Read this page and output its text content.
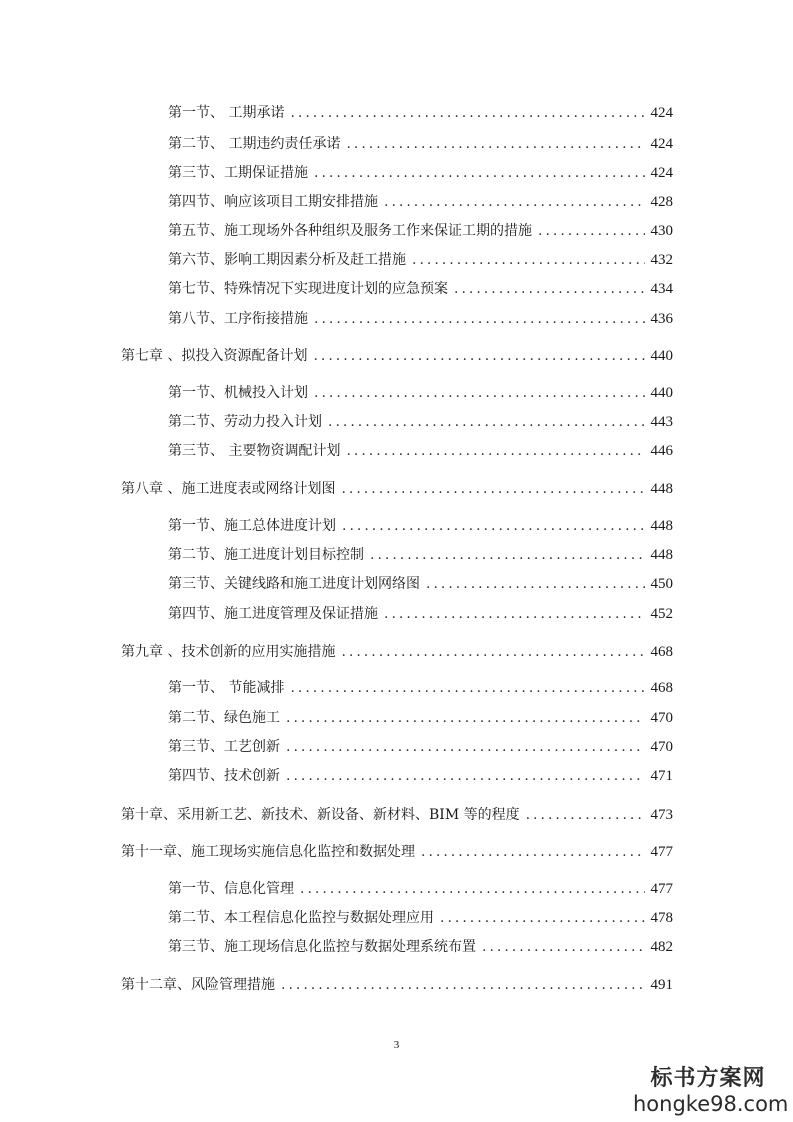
第一节、 工期承诺 .....	424
第二节、 工期违约责任承诺 .....	424
第三节、工期保证措施 .....	424
第四节、响应该项目工期安排措施 .....	428
第五节、施工现场外各种组织及服务工作来保证工期的措施 .....	430
第六节、影响工期因素分析及赶工措施 .....	432
第七节、特殊情况下实现进度计划的应急预案 .....	434
第八节、工序衔接措施 .....	436
第七章 、拟投入资源配备计划 .....	440
第一节、机械投入计划 .....	440
第二节、劳动力投入计划 .....	443
第三节、 主要物资调配计划 .....	446
第八章 、施工进度表或网络计划图 .....	448
第一节、施工总体进度计划 .....	448
第二节、施工进度计划目标控制 .....	448
第三节、关键线路和施工进度计划网络图 .....	450
第四节、施工进度管理及保证措施 .....	452
第九章 、技术创新的应用实施措施 .....	468
第一节、 节能减排 .....	468
第二节、绿色施工 .....	470
第三节、工艺创新 .....	470
第四节、技术创新 .....	471
第十章、采用新工艺、新技术、新设备、新材料、BIM 等的程度 .....	473
第十一章、施工现场实施信息化监控和数据处理 .....	477
第一节、信息化管理 .....	477
第二节、本工程信息化监控与数据处理应用 .....	478
第三节、施工现场信息化监控与数据处理系统布置 .....	482
第十二章、风险管理措施 .....	491
3
标书方案网
hongke98.com
